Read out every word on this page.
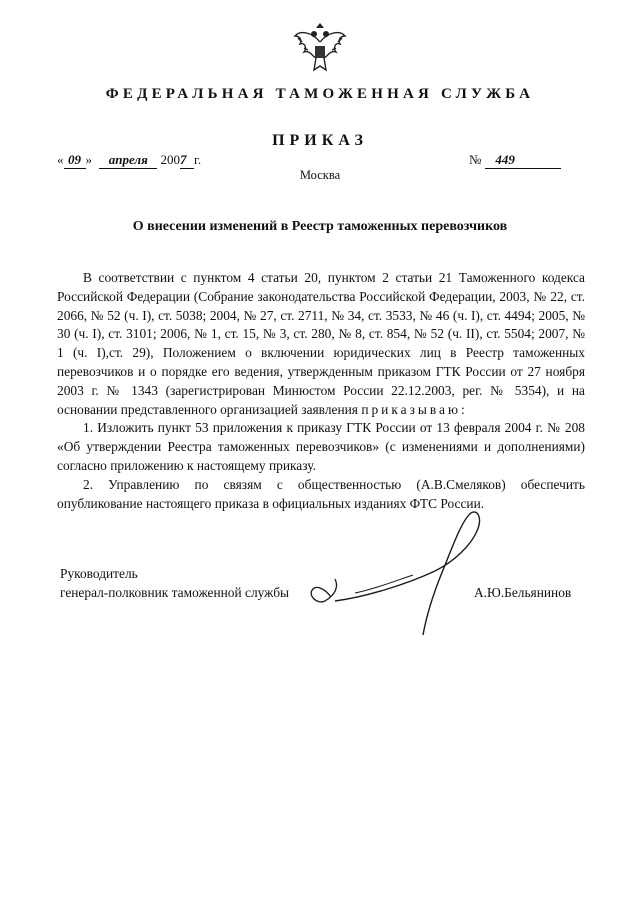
ФЕДЕРАЛЬНАЯ ТАМОЖЕННАЯ СЛУЖБА
ПРИКАЗ
« 09 » апреля 2007 г.	№ 449
Москва
О внесении изменений в Реестр таможенных перевозчиков

В соответствии с пунктом 4 статьи 20, пунктом 2 статьи 21 Таможенного кодекса Российской Федерации (Собрание законодательства Российской Федерации, 2003, № 22, ст. 2066, № 52 (ч. I), ст. 5038; 2004, № 27, ст. 2711, № 34, ст. 3533, № 46 (ч. I), ст. 4494; 2005, № 30 (ч. I), ст. 3101; 2006, № 1, ст. 15, № 3, ст. 280, № 8, ст. 854, № 52 (ч. II), ст. 5504; 2007, № 1 (ч. I),ст. 29), Положением о включении юридических лиц в Реестр таможенных перевозчиков и о порядке его ведения, утвержденным приказом ГТК России от 27 ноября 2003 г. № 1343 (зарегистрирован Минюстом России 22.12.2003, рег. № 5354), и на основании представленного организацией заявления приказываю:

1. Изложить пункт 53 приложения к приказу ГТК России от 13 февраля 2004 г. № 208 «Об утверждении Реестра таможенных перевозчиков» (с изменениями и дополнениями) согласно приложению к настоящему приказу.

2. Управлению по связям с общественностью (А.В.Смеляков) обеспечить опубликование настоящего приказа в официальных изданиях ФТС России.

Руководитель
генерал-полковник таможенной службы	А.Ю.Бельянинов
